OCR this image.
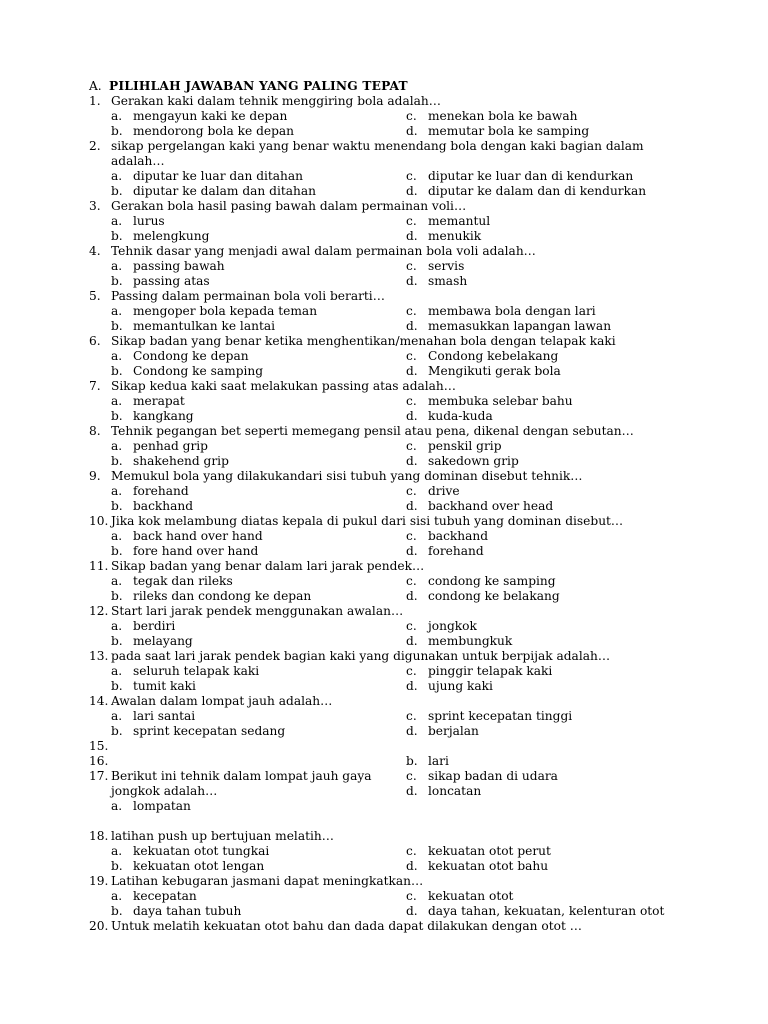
A. PILIHLAH JAWABAN YANG PALING TEPAT
1. Gerakan kaki dalam tehnik menggiring bola adalah…
a. mengayun kaki ke depan	c. menekan bola ke bawah
b. mendorong bola ke depan	d. memutar bola ke samping
2. sikap pergelangan kaki yang benar waktu menendang bola dengan kaki bagian dalam
adalah…
a. diputar ke luar dan ditahan	c. diputar ke luar dan di kendurkan
b. diputar ke dalam dan ditahan	d. diputar ke dalam dan di kendurkan
3. Gerakan bola hasil pasing bawah dalam permainan voli…
a. lurus	c. memantul
b. melengkung	d. menukik
4. Tehnik dasar yang menjadi awal dalam permainan bola voli adalah…
a. passing bawah	c. servis
b. passing atas	d. smash
5. Passing dalam permainan bola voli berarti…
a. mengoper bola kepada teman	c. membawa bola dengan lari
b. memantulkan ke lantai	d. memasukkan lapangan lawan
6. Sikap badan yang benar ketika menghentikan/menahan bola dengan telapak kaki
a. Condong ke depan	c. Condong kebelakang
b. Condong ke samping	d. Mengikuti gerak bola
7. Sikap kedua kaki saat melakukan passing atas adalah…
a. merapat	c. membuka selebar bahu
b. kangkang	d. kuda-kuda
8. Tehnik pegangan bet seperti memegang pensil atau pena, dikenal dengan sebutan…
a. penhad grip	c. penskil grip
b. shakehend grip	d. sakedown grip
9. Memukul bola yang dilakukandari sisi tubuh yang dominan disebut tehnik…
a. forehand	c. drive
b. backhand	d. backhand over head
10. Jika kok melambung diatas kepala di pukul dari sisi tubuh yang dominan disebut…
a. back hand over hand	c. backhand
b. fore hand over hand	d. forehand
11. Sikap badan yang benar dalam lari jarak pendek…
a. tegak dan rileks	c. condong ke samping
b. rileks dan condong ke depan	d. condong ke belakang
12. Start lari jarak pendek menggunakan awalan…
a. berdiri	c. jongkok
b. melayang	d. membungkuk
13. pada saat lari jarak pendek bagian kaki yang digunakan untuk berpijak adalah…
a. seluruh telapak kaki	c. pinggir telapak kaki
b. tumit kaki	d. ujung kaki
14. Awalan dalam lompat jauh adalah…
a. lari santai	c. sprint kecepatan tinggi
b. sprint kecepatan sedang	d. berjalan
15.
16.	b. lari
17. Berikut ini tehnik dalam lompat jauh gaya	c. sikap badan di udara
jongkok adalah…	d. loncatan
a. lompatan
18. latihan push up bertujuan melatih…
a. kekuatan otot tungkai	c. kekuatan otot perut
b. kekuatan otot lengan	d. kekuatan otot bahu
19. Latihan kebugaran jasmani dapat meningkatkan…
a. kecepatan	c. kekuatan otot
b. daya tahan tubuh	d. daya tahan, kekuatan, kelenturan otot
20. Untuk melatih kekuatan otot bahu dan dada dapat dilakukan dengan otot …
